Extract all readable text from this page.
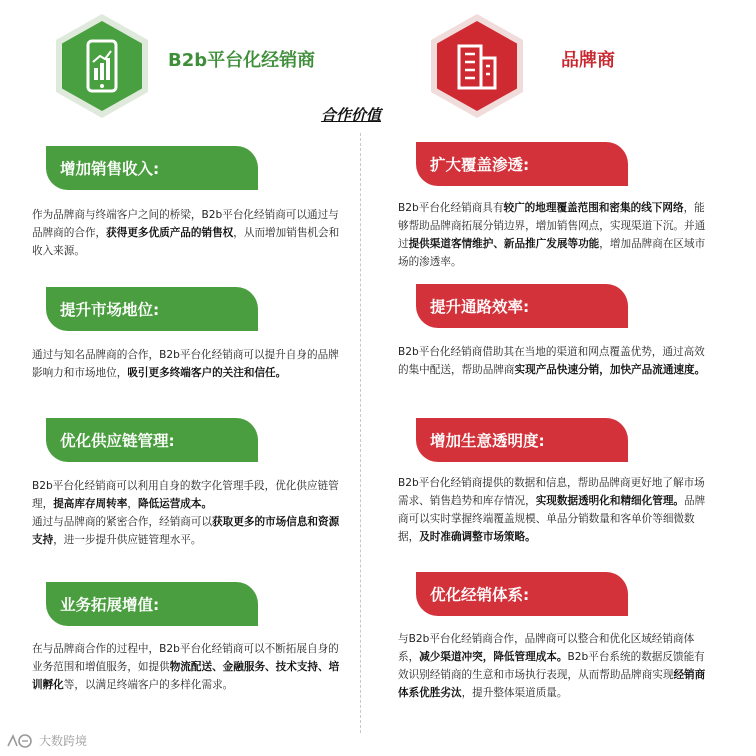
B2b平台化经销商	品牌商
合作价值
增加销售收入:
作为品牌商与终端客户之间的桥梁，B2b平台化经销商可以通过与品牌商的合作，获得更多优质产品的销售权，从而增加销售机会和收入来源。
提升市场地位:
通过与知名品牌商的合作，B2b平台化经销商可以提升自身的品牌影响力和市场地位，吸引更多终端客户的关注和信任。
优化供应链管理:
B2b平台化经销商可以利用自身的数字化管理手段，优化供应链管理，提高库存周转率，降低运营成本。
通过与品牌商的紧密合作，经销商可以获取更多的市场信息和资源支持，进一步提升供应链管理水平。
业务拓展增值:
在与品牌商合作的过程中，B2b平台化经销商可以不断拓展自身的业务范围和增值服务，如提供物流配送、金融服务、技术支持、培训孵化等，以满足终端客户的多样化需求。
扩大覆盖渗透:
B2b平台化经销商具有较广的地理覆盖范围和密集的线下网络，能够帮助品牌商拓展分销边界，增加销售网点，实现渠道下沉。并通过提供渠道客情维护、新品推广发展等功能，增加品牌商在区域市场的渗透率。
提升通路效率:
B2b平台化经销商借助其在当地的渠道和网点覆盖优势，通过高效的集中配送，帮助品牌商实现产品快速分销，加快产品流通速度。
增加生意透明度:
B2b平台化经销商提供的数据和信息，帮助品牌商更好地了解市场需求、销售趋势和库存情况，实现数据透明化和精细化管理。品牌商可以实时掌握终端覆盖规模、单品分销数量和客单价等细微数据，及时准确调整市场策略。
优化经销体系:
与B2b平台化经销商合作，品牌商可以整合和优化区域经销商体系，减少渠道冲突，降低管理成本。B2b平台系统的数据反馈能有效识别经销商的生意和市场执行表现，从而帮助品牌商实现经销商体系优胜劣汰，提升整体渠道质量。
大数跨境
